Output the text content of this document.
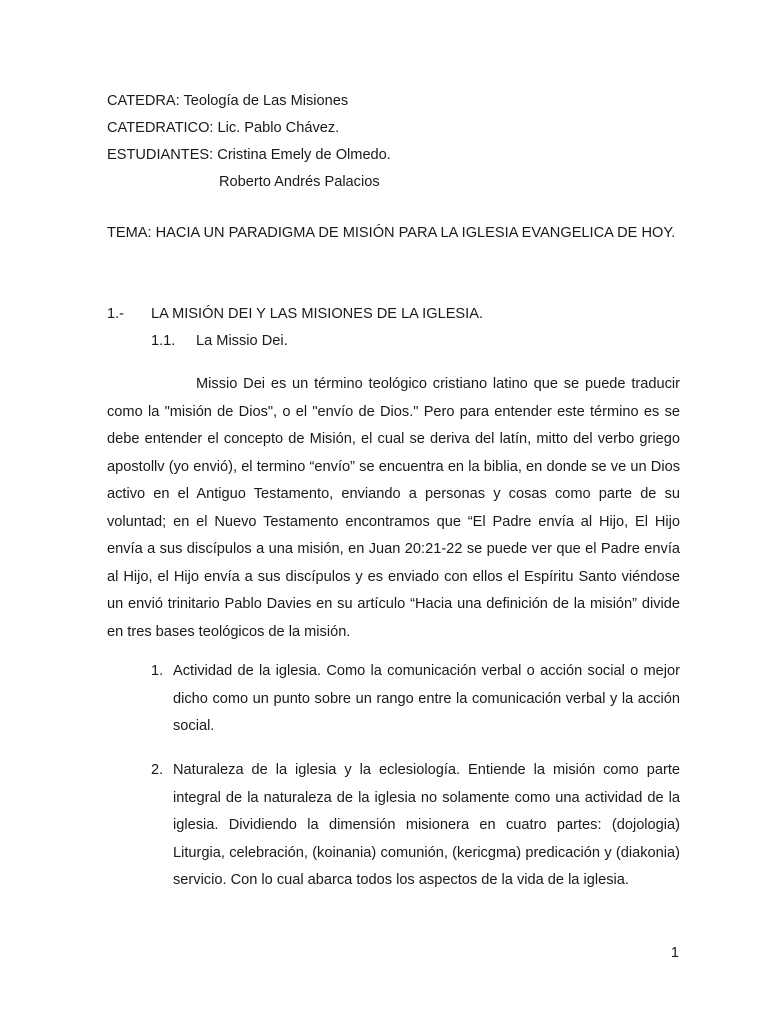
CATEDRA: Teología de Las Misiones
CATEDRATICO: Lic. Pablo Chávez.
ESTUDIANTES: Cristina Emely de Olmedo.
Roberto Andrés Palacios
TEMA: HACIA UN PARADIGMA DE MISIÓN PARA LA IGLESIA EVANGELICA DE HOY.
1.- LA MISIÓN DEI Y LAS MISIONES DE LA IGLESIA.
1.1. La Missio Dei.
Missio Dei es un término teológico cristiano latino que se puede traducir como la "misión de Dios", o el "envío de Dios." Pero para entender este término es se debe entender el concepto de Misión, el cual se deriva del latín, mitto del verbo griego apostollv (yo envió), el termino “envío” se encuentra en la biblia, en donde se ve un Dios activo en el Antiguo Testamento, enviando a personas y cosas como parte de su voluntad; en el Nuevo Testamento encontramos que “El Padre envía al Hijo, El Hijo envía a sus discípulos a una misión, en Juan 20:21-22 se puede ver que el Padre envía al Hijo, el Hijo envía a sus discípulos y es enviado con ellos el Espíritu Santo viéndose un envió trinitario Pablo Davies en su artículo “Hacia una definición de la misión” divide en tres bases teológicos de la misión.
1. Actividad de la iglesia. Como la comunicación verbal o acción social o mejor dicho como un punto sobre un rango entre la comunicación verbal y la acción social.
2. Naturaleza de la iglesia y la eclesiología. Entiende la misión como parte integral de la naturaleza de la iglesia no solamente como una actividad de la iglesia. Dividiendo la dimensión misionera en cuatro partes: (dojologia) Liturgia, celebración, (koinania) comunión, (kericgma) predicación y (diakonia) servicio. Con lo cual abarca todos los aspectos de la vida de la iglesia.
1
